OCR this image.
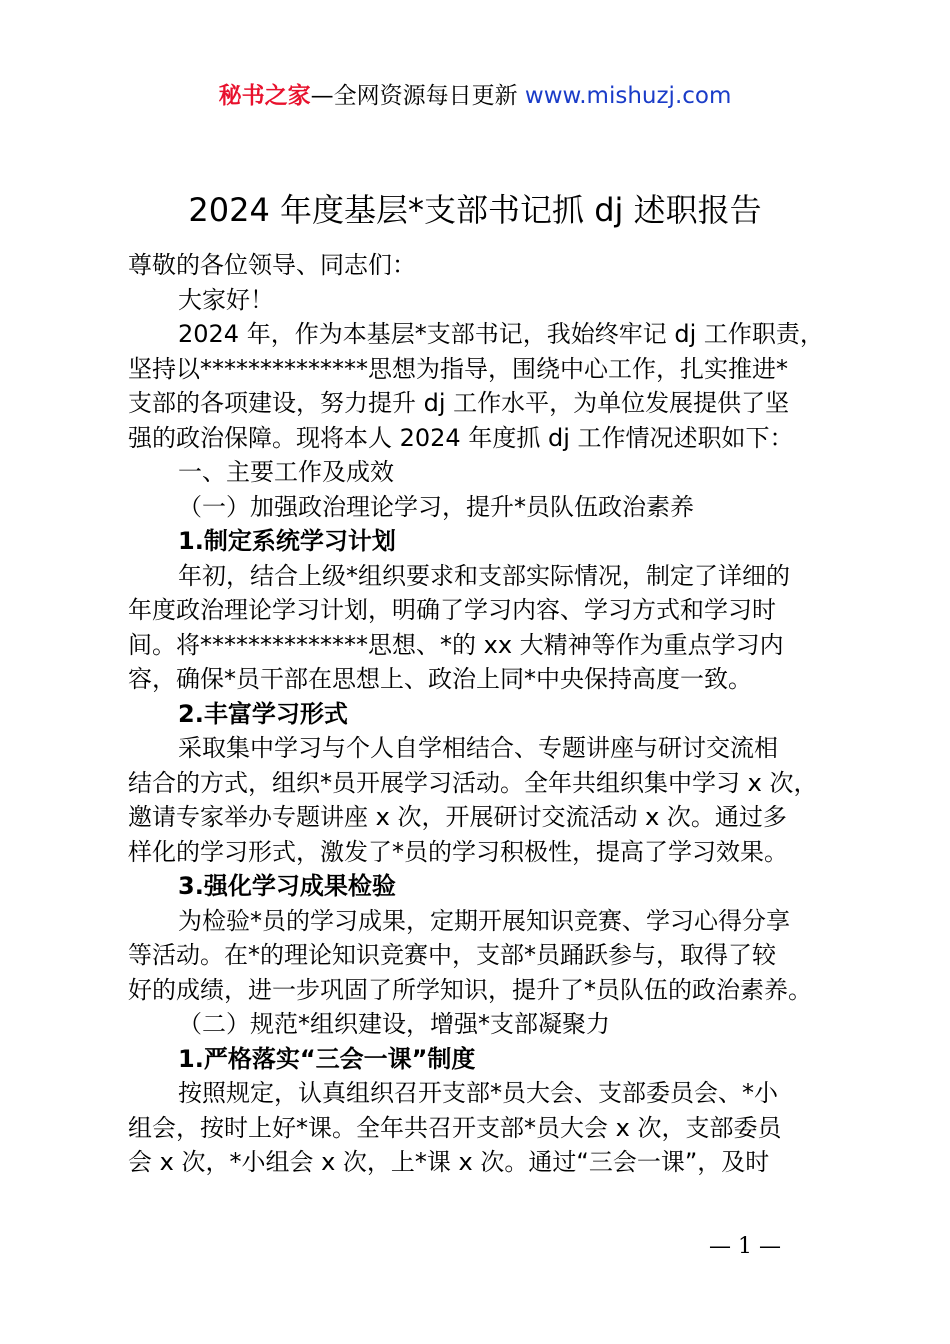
秘书之家—全网资源每日更新 www.mishuzj.com
2024 年度基层*支部书记抓 dj 述职报告
尊敬的各位领导、同志们：
大家好！
2024 年，作为本基层*支部书记，我始终牢记 dj 工作职责，
坚持以**************思想为指导，围绕中心工作，扎实推进*
支部的各项建设，努力提升 dj 工作水平，为单位发展提供了坚
强的政治保障。现将本人 2024 年度抓 dj 工作情况述职如下：
一、主要工作及成效
（一）加强政治理论学习，提升*员队伍政治素养
1.制定系统学习计划
年初，结合上级*组织要求和支部实际情况，制定了详细的
年度政治理论学习计划，明确了学习内容、学习方式和学习时
间。将**************思想、*的 xx 大精神等作为重点学习内
容，确保*员干部在思想上、政治上同*中央保持高度一致。
2.丰富学习形式
采取集中学习与个人自学相结合、专题讲座与研讨交流相
结合的方式，组织*员开展学习活动。全年共组织集中学习 x 次，
邀请专家举办专题讲座 x 次，开展研讨交流活动 x 次。通过多
样化的学习形式，激发了*员的学习积极性，提高了学习效果。
3.强化学习成果检验
为检验*员的学习成果，定期开展知识竞赛、学习心得分享
等活动。在*的理论知识竞赛中，支部*员踊跃参与，取得了较
好的成绩，进一步巩固了所学知识，提升了*员队伍的政治素养。
（二）规范*组织建设，增强*支部凝聚力
1.严格落实“三会一课”制度
按照规定，认真组织召开支部*员大会、支部委员会、*小
组会，按时上好*课。全年共召开支部*员大会 x 次，支部委员
会 x 次，*小组会 x 次，上*课 x 次。通过“三会一课”，及时
— 1 —
